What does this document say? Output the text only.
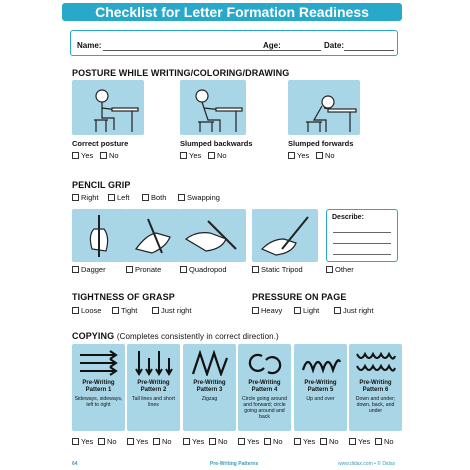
Checklist for Letter Formation Readiness
Name:	Age:	Date:
POSTURE WHILE WRITING/COLORING/DRAWING
Correct posture
Yes	No
Slumped backwards
Yes	No
Slumped forwards
Yes	No
PENCIL GRIP
Right	Left	Both	Swapping
Describe:
Dagger	Pronate	Quadropod	Static Tripod	Other
TIGHTNESS OF GRASP
Loose	Tight	Just right
PRESSURE ON PAGE
Heavy	Light	Just right
COPYING (Completes consistently in correct direction.)
Pre-Writing Pattern 1
Sideways, sideways, left to right
Yes	No
Pre-Writing Pattern 2
Tall lines and short lines
Yes	No
Pre-Writing Pattern 3
Zigzag
Yes	No
Pre-Writing Pattern 4
Circle going around and forward; circle going around and back
Yes	No
Pre-Writing Pattern 5
Up and over
Yes	No
Pre-Writing Pattern 6
Down and under; down, back, and under
Yes	No
64	Pre-Writing Patterns	www.didax.com • © Didax
